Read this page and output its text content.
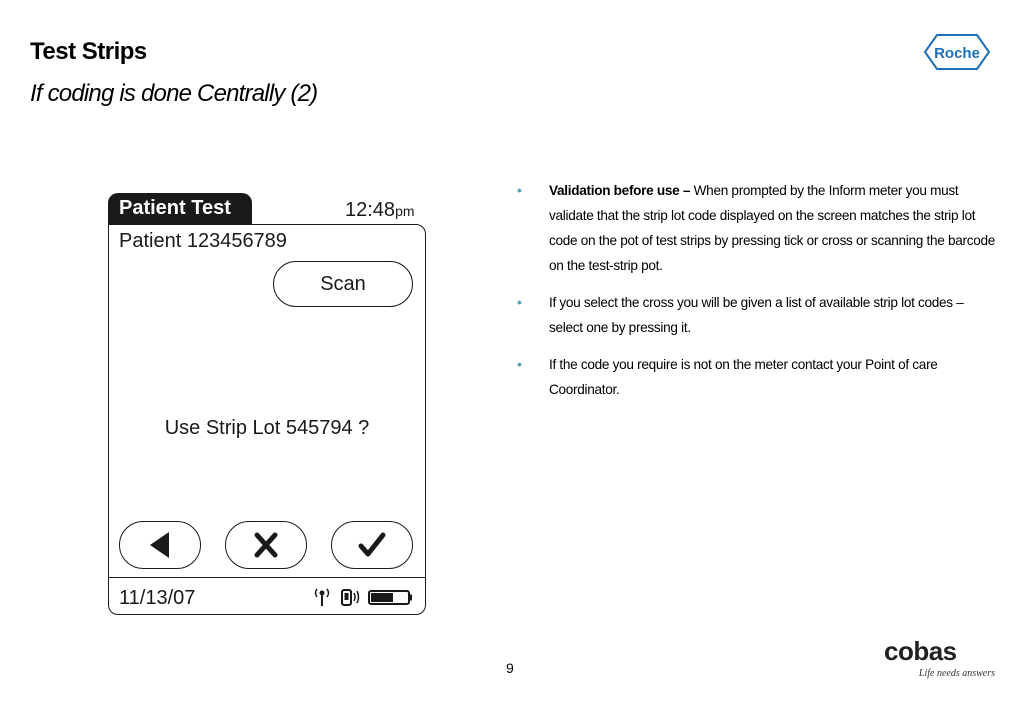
Test Strips
If coding is done Centrally (2)
Roche
Patient Test	12:48pm
Patient 123456789
Scan
Use Strip Lot 545794 ?
11/13/07
• Validation before use – When prompted by the Inform meter you must validate that the strip lot code displayed on the screen matches the strip lot code on the pot of test strips by pressing tick or cross or scanning the barcode on the test-strip pot.
• If you select the cross you will be given a list of available strip lot codes – select one by pressing it.
• If the code you require is not on the meter contact your Point of care Coordinator.
9
cobas
Life needs answers
